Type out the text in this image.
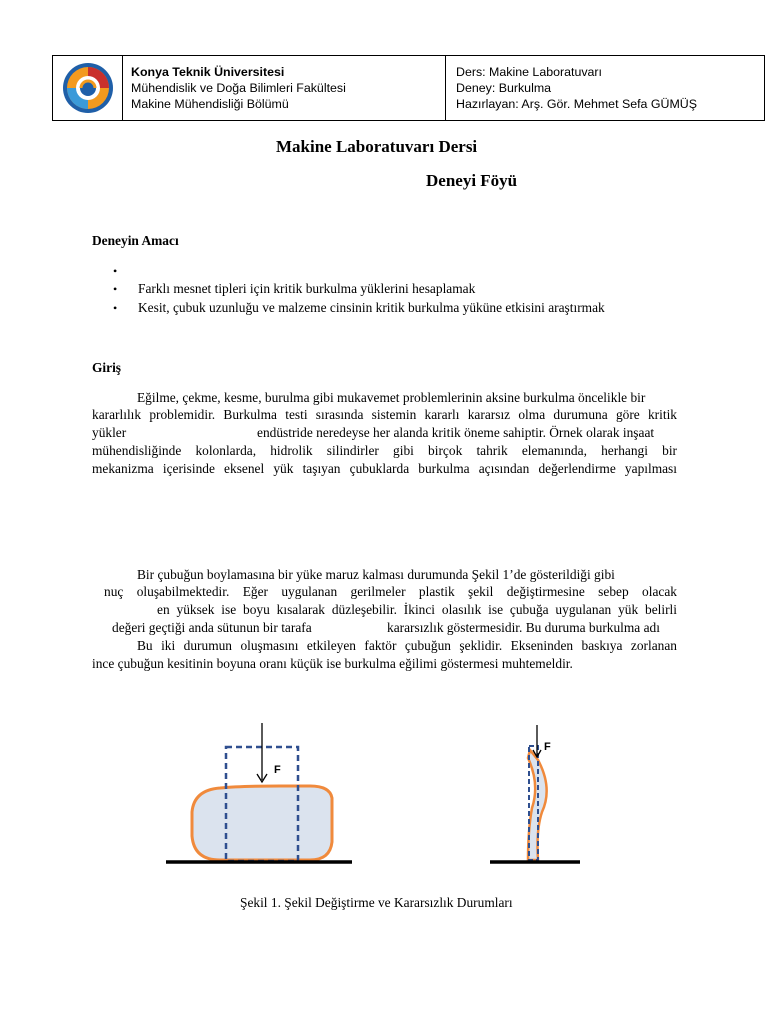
Konya Teknik Üniversitesi
Mühendislik ve Doğa Bilimleri Fakültesi
Makine Mühendisliği Bölümü
Ders: Makine Laboratuvarı
Deney: Burkulma
Hazırlayan: Arş. Gör. Mehmet Sefa GÜMÜŞ
Makine Laboratuvarı Dersi
Deneyi Föyü
Deneyin Amacı
•
• Farklı mesnet tipleri için kritik burkulma yüklerini hesaplamak
• Kesit, çubuk uzunluğu ve malzeme cinsinin kritik burkulma yüküne etkisini araştırmak
Giriş
Eğilme, çekme, kesme, burulma gibi mukavemet problemlerinin aksine burkulma öncelikle bir
kararlılık problemidir. Burkulma testi sırasında sistemin kararlı kararsız olma durumuna göre kritik
yükler	endüstride neredeyse her alanda kritik öneme sahiptir. Örnek olarak inşaat
mühendisliğinde kolonlarda, hidrolik silindirler gibi birçok tahrik elemanında, herhangi bir
mekanizma içerisinde eksenel yük taşıyan çubuklarda burkulma açısından değerlendirme yapılması
Bir çubuğun boylamasına bir yüke maruz kalması durumunda Şekil 1’de gösterildiği gibi
nuç oluşabilmektedir. Eğer uygulanan gerilmeler plastik şekil değiştirmesine sebep olacak
en yüksek ise boyu kısalarak düzleşebilir. İkinci olasılık ise çubuğa uygulanan yük belirli
değeri geçtiği anda sütunun bir tarafa	kararsızlık göstermesidir. Bu duruma burkulma adı
Bu iki durumun oluşmasını etkileyen faktör çubuğun şeklidir. Ekseninden baskıya zorlanan
ince çubuğun kesitinin boyuna oranı küçük ise burkulma eğilimi göstermesi muhtemeldir.
F
F
Şekil 1. Şekil Değiştirme ve Kararsızlık Durumları
